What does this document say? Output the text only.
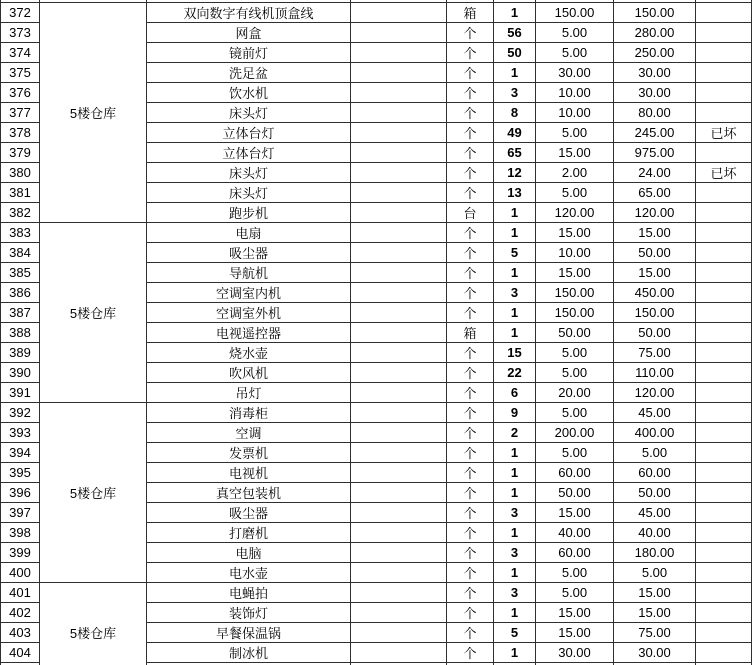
372	5楼仓库	双向数字有线机顶盒线		箱	1	150.00	150.00	
373		网盒		个	56	5.00	280.00	
374		镜前灯		个	50	5.00	250.00	
375		洗足盆		个	1	30.00	30.00	
376		饮水机		个	3	10.00	30.00	
377		床头灯		个	8	10.00	80.00	
378		立体台灯		个	49	5.00	245.00	已坏
379		立体台灯		个	65	15.00	975.00	
380		床头灯		个	12	2.00	24.00	已坏
381		床头灯		个	13	5.00	65.00	
382		跑步机		台	1	120.00	120.00	
383	5楼仓库	电扇		个	1	15.00	15.00	
384		吸尘器		个	5	10.00	50.00	
385		导航机		个	1	15.00	15.00	
386		空调室内机		个	3	150.00	450.00	
387		空调室外机		个	1	150.00	150.00	
388		电视遥控器		箱	1	50.00	50.00	
389		烧水壶		个	15	5.00	75.00	
390		吹风机		个	22	5.00	110.00	
391		吊灯		个	6	20.00	120.00	
392	5楼仓库	消毒柜		个	9	5.00	45.00	
393		空调		个	2	200.00	400.00	
394		发票机		个	1	5.00	5.00	
395		电视机		个	1	60.00	60.00	
396		真空包装机		个	1	50.00	50.00	
397		吸尘器		个	3	15.00	45.00	
398		打磨机		个	1	40.00	40.00	
399		电脑		个	3	60.00	180.00	
400		电水壶		个	1	5.00	5.00	
401	5楼仓库	电蝇拍		个	3	5.00	15.00	
402		装饰灯		个	1	15.00	15.00	
403		早餐保温锅		个	5	15.00	75.00	
404		制冰机		个	1	30.00	30.00	
